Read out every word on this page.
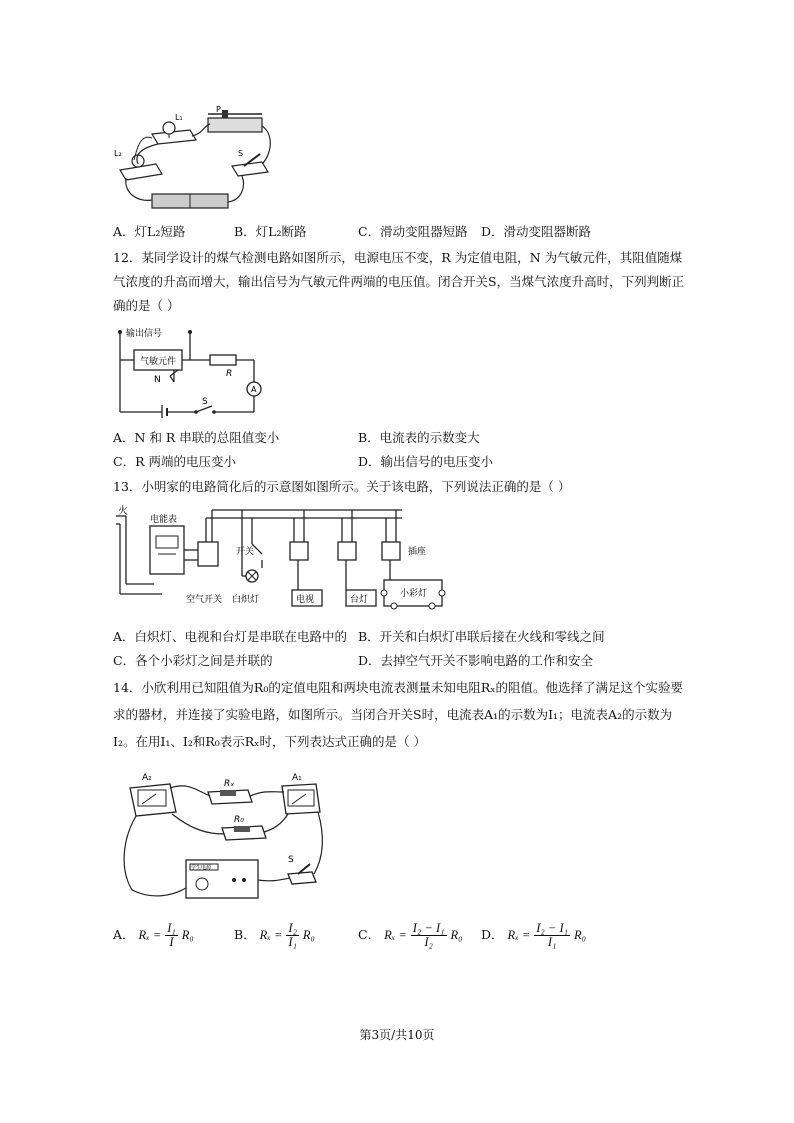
P
L₁
L₂	S
A．灯L₂短路	B．灯L₂断路	C．滑动变阻器短路 D．滑动变阻器断路
12．某同学设计的煤气检测电路如图所示，电源电压不变，R 为定值电阻，N 为气敏元件，其阻值随煤
气浓度的升高而增大，输出信号为气敏元件两端的电压值。闭合开关S，当煤气浓度升高时，下列判断正
确的是（ ）
输出信号
气敏元件
N
R
A
S
A．N 和 R 串联的总阻值变小	B．电流表的示数变大
C．R 两端的电压变小	D．输出信号的电压变小
13．小明家的电路简化后的示意图如图所示。关于该电路，下列说法正确的是（ ）
火
电能表
空气开关
开关
白炽灯	电视	台灯
插座
小彩灯
A．白炽灯、电视和台灯是串联在电路中的 B．开关和白炽灯串联后接在火线和零线之间
C．各个小彩灯之间是并联的	D．去掉空气开关不影响电路的工作和安全
14．小欣利用已知阻值为R₀的定值电阻和两块电流表测量未知电阻Rₓ的阻值。他选择了满足这个实验要
求的器材，并连接了实验电路，如图所示。当闭合开关S时，电流表A₁的示数为I₁；电流表A₂的示数为
I₂。在用I₁、I₂和R₀表示Rₓ时，下列表达式正确的是（ ）
A₂
Rₓ
A₁
R₀
S
学生电源
A． $R_x = \frac{\text{I₁}}{I} R_0$	B． $R_x = \frac{\text{I₂}}{\text{I₁}} R_0$	C． $R_x = \frac{\text{I₂ − I₁}}{\text{I₂}} R_0$ D． $R_x = \frac{\text{I₂ − I₁}}{\text{I₁}} R_0$
第3页/共10页
